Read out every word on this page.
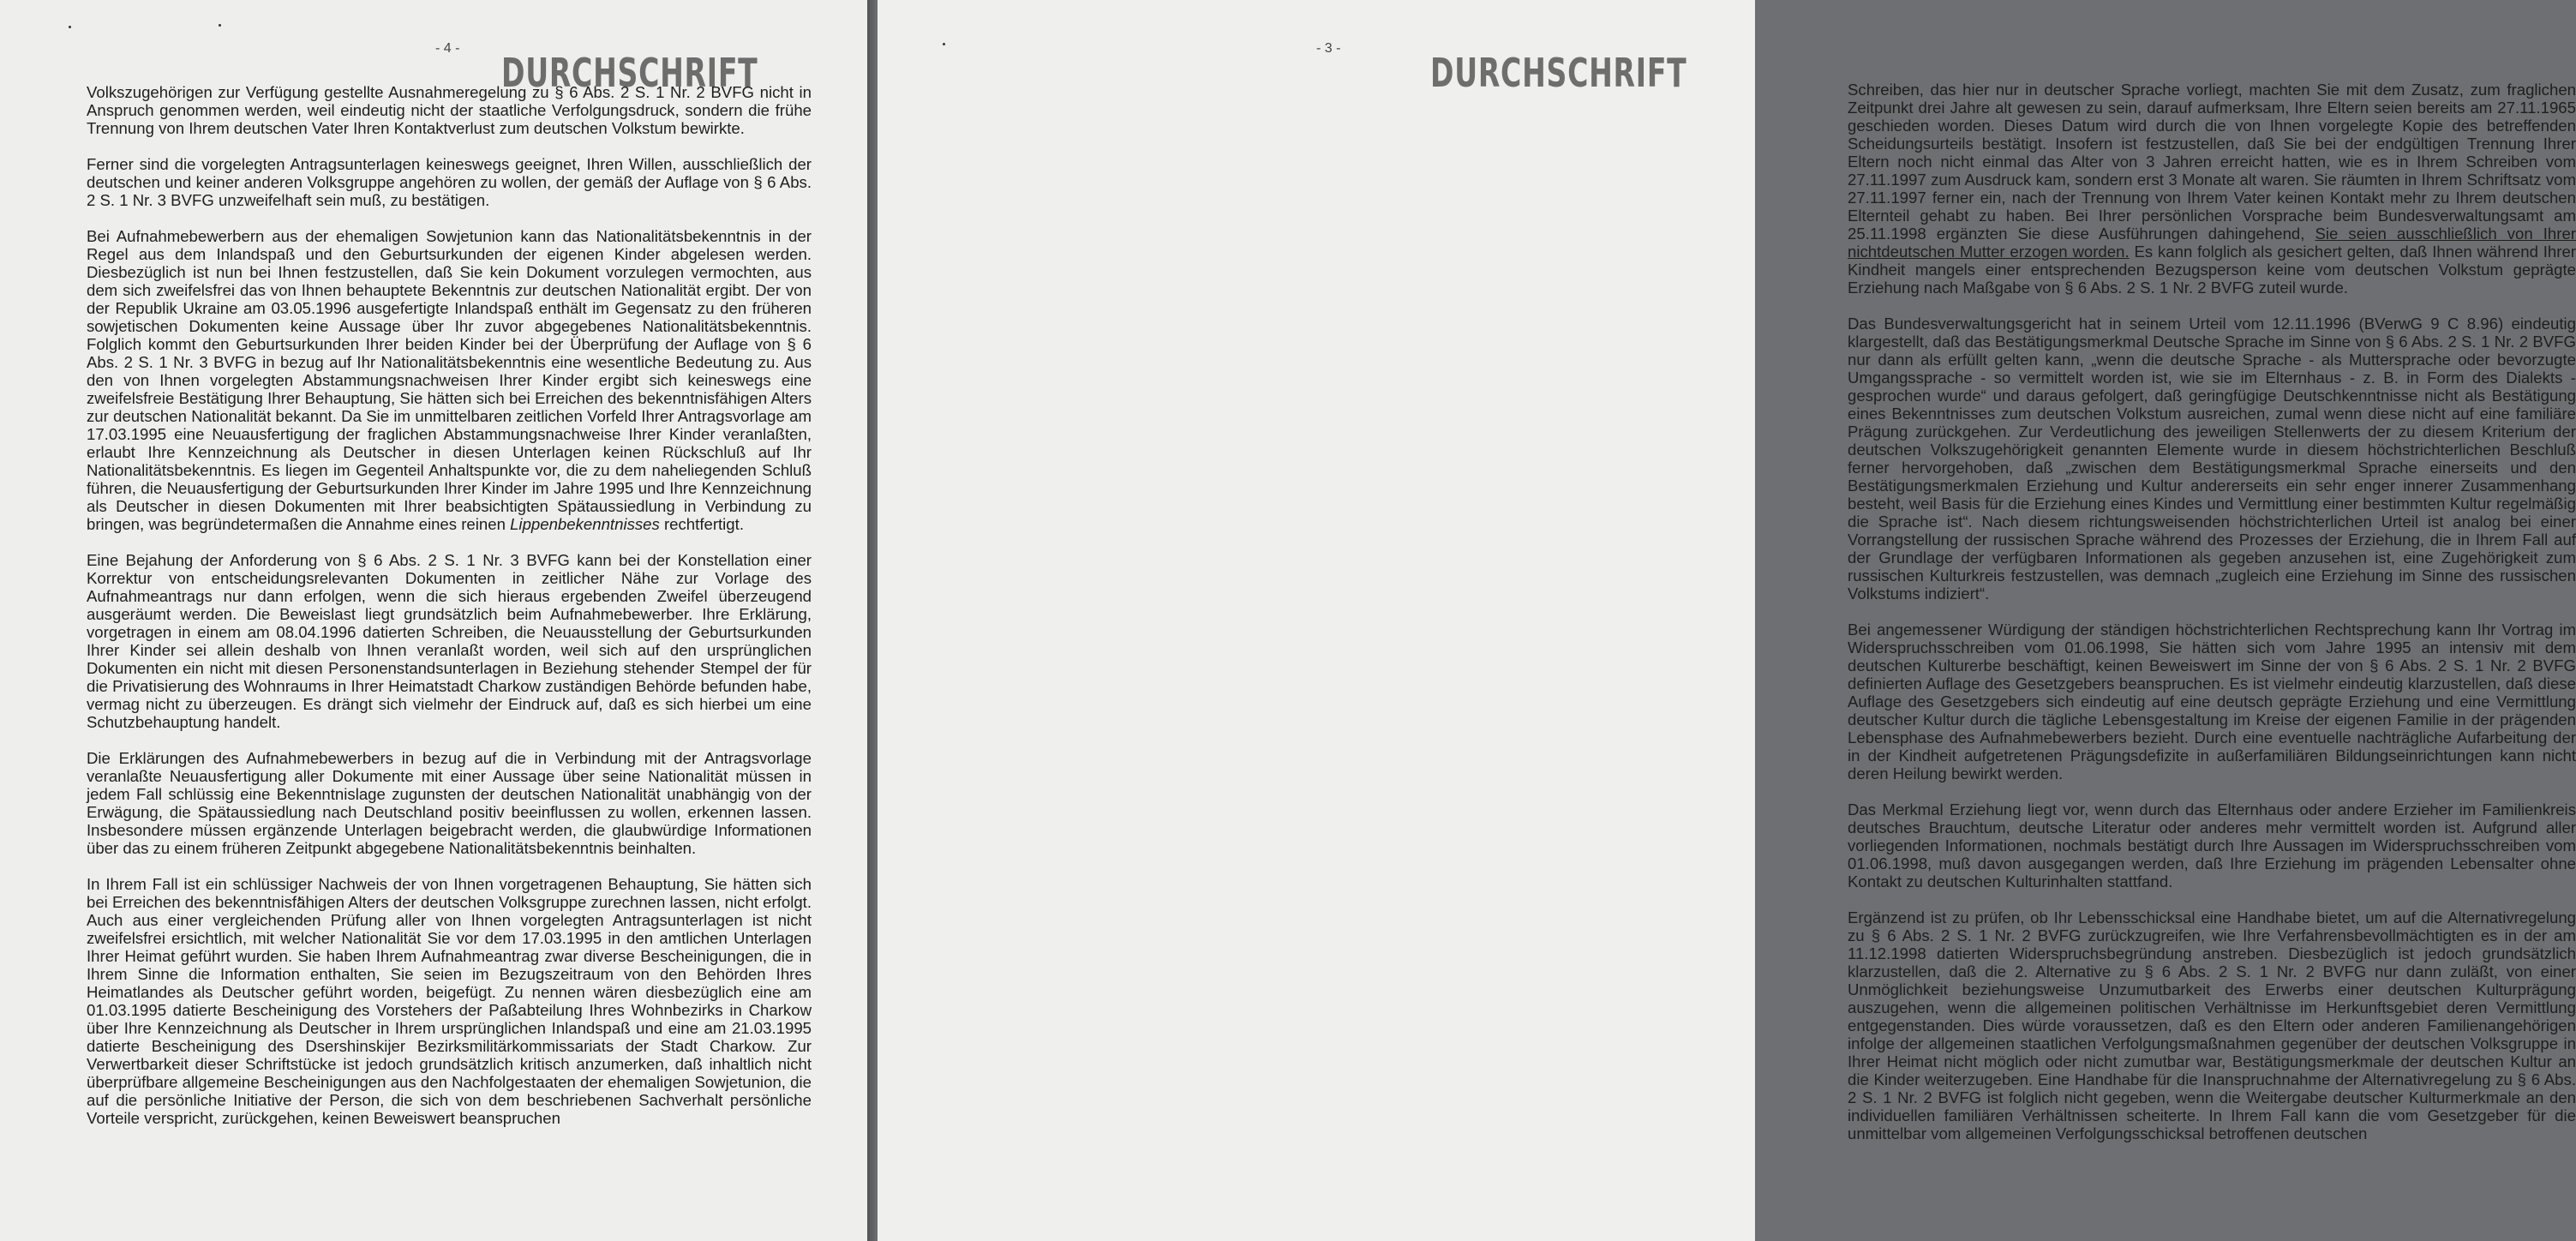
- 4 -
DURCHSCHRIFT

Volkszugehörigen zur Verfügung gestellte Ausnahmeregelung zu § 6 Abs. 2 S. 1 Nr. 2 BVFG nicht in Anspruch genommen werden, weil eindeutig nicht der staatliche Verfolgungsdruck, sondern die frühe Trennung von Ihrem deutschen Vater Ihren Kontaktverlust zum deutschen Volkstum bewirkte.

Ferner sind die vorgelegten Antragsunterlagen keineswegs geeignet, Ihren Willen, ausschließlich der deutschen und keiner anderen Volksgruppe angehören zu wollen, der gemäß der Auflage von § 6 Abs. 2 S. 1 Nr. 3 BVFG unzweifelhaft sein muß, zu bestätigen.

Bei Aufnahmebewerbern aus der ehemaligen Sowjetunion kann das Nationalitätsbekenntnis in der Regel aus dem Inlandspaß und den Geburtsurkunden der eigenen Kinder abgelesen werden. Diesbezüglich ist nun bei Ihnen festzustellen, daß Sie kein Dokument vorzulegen vermochten, aus dem sich zweifelsfrei das von Ihnen behauptete Bekenntnis zur deutschen Nationalität ergibt. Der von der Republik Ukraine am 03.05.1996 ausgefertigte Inlandspaß enthält im Gegensatz zu den früheren sowjetischen Dokumenten keine Aussage über Ihr zuvor abgegebenes Nationalitätsbekenntnis. Folglich kommt den Geburtsurkunden Ihrer beiden Kinder bei der Überprüfung der Auflage von § 6 Abs. 2 S. 1 Nr. 3 BVFG in bezug auf Ihr Nationalitätsbekenntnis eine wesentliche Bedeutung zu. Aus den von Ihnen vorgelegten Abstammungsnachweisen Ihrer Kinder ergibt sich keineswegs eine zweifelsfreie Bestätigung Ihrer Behauptung, Sie hätten sich bei Erreichen des bekenntnisfähigen Alters zur deutschen Nationalität bekannt. Da Sie im unmittelbaren zeitlichen Vorfeld Ihrer Antragsvorlage am 17.03.1995 eine Neuausfertigung der fraglichen Abstammungsnachweise Ihrer Kinder veranlaßten, erlaubt Ihre Kennzeichnung als Deutscher in diesen Unterlagen keinen Rückschluß auf Ihr Nationalitätsbekenntnis. Es liegen im Gegenteil Anhaltspunkte vor, die zu dem naheliegenden Schluß führen, die Neuausfertigung der Geburtsurkunden Ihrer Kinder im Jahre 1995 und Ihre Kennzeichnung als Deutscher in diesen Dokumenten mit Ihrer beabsichtigten Spätaussiedlung in Verbindung zu bringen, was begründetermaßen die Annahme eines reinen Lippenbekenntnisses rechtfertigt.

Eine Bejahung der Anforderung von § 6 Abs. 2 S. 1 Nr. 3 BVFG kann bei der Konstellation einer Korrektur von entscheidungsrelevanten Dokumenten in zeitlicher Nähe zur Vorlage des Aufnahmeantrags nur dann erfolgen, wenn die sich hieraus ergebenden Zweifel überzeugend ausgeräumt werden. Die Beweislast liegt grundsätzlich beim Aufnahmebewerber. Ihre Erklärung, vorgetragen in einem am 08.04.1996 datierten Schreiben, die Neuausstellung der Geburtsurkunden Ihrer Kinder sei allein deshalb von Ihnen veranlaßt worden, weil sich auf den ursprünglichen Dokumenten ein nicht mit diesen Personenstandsunterlagen in Beziehung stehender Stempel der für die Privatisierung des Wohnraums in Ihrer Heimatstadt Charkow zuständigen Behörde befunden habe, vermag nicht zu überzeugen. Es drängt sich vielmehr der Eindruck auf, daß es sich hierbei um eine Schutzbehauptung handelt.

Die Erklärungen des Aufnahmebewerbers in bezug auf die in Verbindung mit der Antragsvorlage veranlaßte Neuausfertigung aller Dokumente mit einer Aussage über seine Nationalität müssen in jedem Fall schlüssig eine Bekenntnislage zugunsten der deutschen Nationalität unabhängig von der Erwägung, die Spätaussiedlung nach Deutschland positiv beeinflussen zu wollen, erkennen lassen. Insbesondere müssen ergänzende Unterlagen beigebracht werden, die glaubwürdige Informationen über das zu einem früheren Zeitpunkt abgegebene Nationalitätsbekenntnis beinhalten.

In Ihrem Fall ist ein schlüssiger Nachweis der von Ihnen vorgetragenen Behauptung, Sie hätten sich bei Erreichen des bekenntnisfähigen Alters der deutschen Volksgruppe zurechnen lassen, nicht erfolgt. Auch aus einer vergleichenden Prüfung aller von Ihnen vorgelegten Antragsunterlagen ist nicht zweifelsfrei ersichtlich, mit welcher Nationalität Sie vor dem 17.03.1995 in den amtlichen Unterlagen Ihrer Heimat geführt wurden. Sie haben Ihrem Aufnahmeantrag zwar diverse Bescheinigungen, die in Ihrem Sinne die Information enthalten, Sie seien im Bezugszeitraum von den Behörden Ihres Heimatlandes als Deutscher geführt worden, beigefügt. Zu nennen wären diesbezüglich eine am 01.03.1995 datierte Bescheinigung des Vorstehers der Paßabteilung Ihres Wohnbezirks in Charkow über Ihre Kennzeichnung als Deutscher in Ihrem ursprünglichen Inlandspaß und eine am 21.03.1995 datierte Bescheinigung des Dsershinskijer Bezirksmilitärkommissariats der Stadt Charkow. Zur Verwertbarkeit dieser Schriftstücke ist jedoch grundsätzlich kritisch anzumerken, daß inhaltlich nicht überprüfbare allgemeine Bescheinigungen aus den Nachfolgestaaten der ehemaligen Sowjetunion, die auf die persönliche Initiative der Person, die sich von dem beschriebenen Sachverhalt persönliche Vorteile verspricht, zurückgehen, keinen Beweiswert beanspruchen

- 3 -
DURCHSCHRIFT	Schreiben, das hier nur in deutscher Sprache vorliegt, machten Sie mit dem Zusatz, zum fraglichen Zeitpunkt drei Jahre alt gewesen zu sein, darauf aufmerksam, Ihre Eltern seien bereits am 27.11.1965 geschieden worden. Dieses Datum wird durch die von Ihnen vorgelegte Kopie des betreffenden Scheidungsurteils bestätigt. Insofern ist festzustellen, daß Sie bei der endgültigen Trennung Ihrer Eltern noch nicht einmal das Alter von 3 Jahren erreicht hatten, wie es in Ihrem Schreiben vom 27.11.1997 zum Ausdruck kam, sondern erst 3 Monate alt waren. Sie räumten in Ihrem Schriftsatz vom 27.11.1997 ferner ein, nach der Trennung von Ihrem Vater keinen Kontakt mehr zu Ihrem deutschen Elternteil gehabt zu haben. Bei Ihrer persönlichen Vorsprache beim Bundesverwaltungsamt am 25.11.1998 ergänzten Sie diese Ausführungen dahingehend, Sie seien ausschließlich von Ihrer nichtdeutschen Mutter erzogen worden. Es kann folglich als gesichert gelten, daß Ihnen während Ihrer Kindheit mangels einer entsprechenden Bezugsperson keine vom deutschen Volkstum geprägte Erziehung nach Maßgabe von § 6 Abs. 2 S. 1 Nr. 2 BVFG zuteil wurde.

Das Bundesverwaltungsgericht hat in seinem Urteil vom 12.11.1996 (BVerwG 9 C 8.96) eindeutig klargestellt, daß das Bestätigungsmerkmal Deutsche Sprache im Sinne von § 6 Abs. 2 S. 1 Nr. 2 BVFG nur dann als erfüllt gelten kann, „wenn die deutsche Sprache - als Muttersprache oder bevorzugte Umgangssprache - so vermittelt worden ist, wie sie im Elternhaus - z. B. in Form des Dialekts - gesprochen wurde“ und daraus gefolgert, daß geringfügige Deutschkenntnisse nicht als Bestätigung eines Bekenntnisses zum deutschen Volkstum ausreichen, zumal wenn diese nicht auf eine familiäre Prägung zurückgehen. Zur Verdeutlichung des jeweiligen Stellenwerts der zu diesem Kriterium der deutschen Volkszugehörigkeit genannten Elemente wurde in diesem höchstrichterlichen Beschluß ferner hervorgehoben, daß „zwischen dem Bestätigungsmerkmal Sprache einerseits und den Bestätigungsmerkmalen Erziehung und Kultur andererseits ein sehr enger innerer Zusammenhang besteht, weil Basis für die Erziehung eines Kindes und Vermittlung einer bestimmten Kultur regelmäßig die Sprache ist“. Nach diesem richtungsweisenden höchstrichterlichen Urteil ist analog bei einer Vorrangstellung der russischen Sprache während des Prozesses der Erziehung, die in Ihrem Fall auf der Grundlage der verfügbaren Informationen als gegeben anzusehen ist, eine Zugehörigkeit zum russischen Kulturkreis festzustellen, was demnach „zugleich eine Erziehung im Sinne des russischen Volkstums indiziert“.

Bei angemessener Würdigung der ständigen höchstrichterlichen Rechtsprechung kann Ihr Vortrag im Widerspruchsschreiben vom 01.06.1998, Sie hätten sich vom Jahre 1995 an intensiv mit dem deutschen Kulturerbe beschäftigt, keinen Beweiswert im Sinne der von § 6 Abs. 2 S. 1 Nr. 2 BVFG definierten Auflage des Gesetzgebers beanspruchen. Es ist vielmehr eindeutig klarzustellen, daß diese Auflage des Gesetzgebers sich eindeutig auf eine deutsch geprägte Erziehung und eine Vermittlung deutscher Kultur durch die tägliche Lebensgestaltung im Kreise der eigenen Familie in der prägenden Lebensphase des Aufnahmebewerbers bezieht. Durch eine eventuelle nachträgliche Aufarbeitung der in der Kindheit aufgetretenen Prägungsdefizite in außerfamiliären Bildungseinrichtungen kann nicht deren Heilung bewirkt werden.

Das Merkmal Erziehung liegt vor, wenn durch das Elternhaus oder andere Erzieher im Familienkreis deutsches Brauchtum, deutsche Literatur oder anderes mehr vermittelt worden ist. Aufgrund aller vorliegenden Informationen, nochmals bestätigt durch Ihre Aussagen im Widerspruchsschreiben vom 01.06.1998, muß davon ausgegangen werden, daß Ihre Erziehung im prägenden Lebensalter ohne Kontakt zu deutschen Kulturinhalten stattfand.

Ergänzend ist zu prüfen, ob Ihr Lebensschicksal eine Handhabe bietet, um auf die Alternativregelung zu § 6 Abs. 2 S. 1 Nr. 2 BVFG zurückzugreifen, wie Ihre Verfahrensbevollmächtigten es in der am 11.12.1998 datierten Widerspruchsbegründung anstreben. Diesbezüglich ist jedoch grundsätzlich klarzustellen, daß die 2. Alternative zu § 6 Abs. 2 S. 1 Nr. 2 BVFG nur dann zuläßt, von einer Unmöglichkeit beziehungsweise Unzumutbarkeit des Erwerbs einer deutschen Kulturprägung auszugehen, wenn die allgemeinen politischen Verhältnisse im Herkunftsgebiet deren Vermittlung entgegenstanden. Dies würde voraussetzen, daß es den Eltern oder anderen Familienangehörigen infolge der allgemeinen staatlichen Verfolgungsmaßnahmen gegenüber der deutschen Volksgruppe in Ihrer Heimat nicht möglich oder nicht zumutbar war, Bestätigungsmerkmale der deutschen Kultur an die Kinder weiterzugeben. Eine Handhabe für die Inanspruchnahme der Alternativregelung zu § 6 Abs. 2 S. 1 Nr. 2 BVFG ist folglich nicht gegeben, wenn die Weitergabe deutscher Kulturmerkmale an den individuellen familiären Verhältnissen scheiterte. In Ihrem Fall kann die vom Gesetzgeber für die unmittelbar vom allgemeinen Verfolgungsschicksal betroffenen deutschen
